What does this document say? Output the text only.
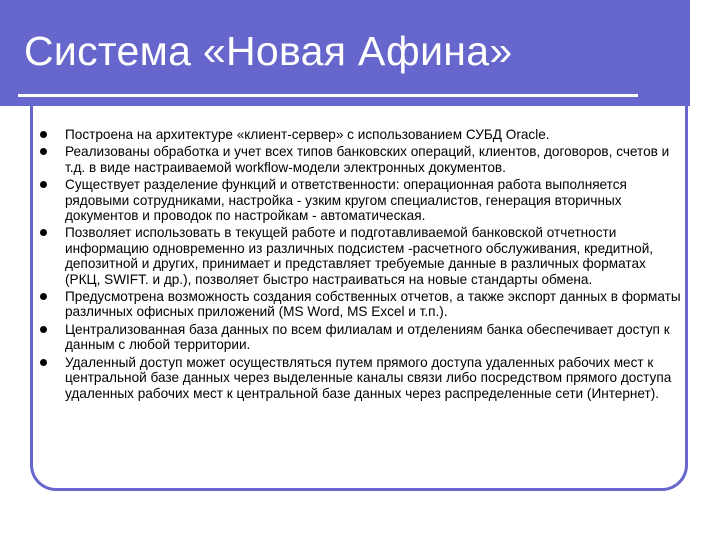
Система «Новая Афина»
Построена на архитектуре «клиент-сервер» с использованием СУБД Oracle.
Реализованы обработка и учет всех типов банковских операций, клиентов, договоров, счетов и т.д. в виде настраиваемой workflow-модели электронных документов.
Существует разделение функций и ответственности: операционная работа выполняется рядовыми сотрудниками, настройка - узким кругом специалистов, генерация вторичных документов и проводок по настройкам - автоматическая.
Позволяет использовать в текущей работе и подготавливаемой банковской отчетности информацию одновременно из различных подсистем -расчетного обслуживания, кредитной, депозитной и других, принимает и представляет требуемые данные в различных форматах (РКЦ, SWIFT. и др.), позволяет быстро настраиваться на новые стандарты обмена.
Предусмотрена возможность создания собственных отчетов, а также экспорт данных в форматы различных офисных приложений (MS Word, MS Excel и т.п.).
Централизованная база данных по всем филиалам и отделениям банка обеспечивает доступ к данным с любой территории.
Удаленный доступ может осуществляться путем прямого доступа удаленных рабочих мест к центральной базе данных через выделенные каналы связи либо посредством прямого доступа удаленных рабочих мест к центральной базе данных через распределенные сети (Интернет).
